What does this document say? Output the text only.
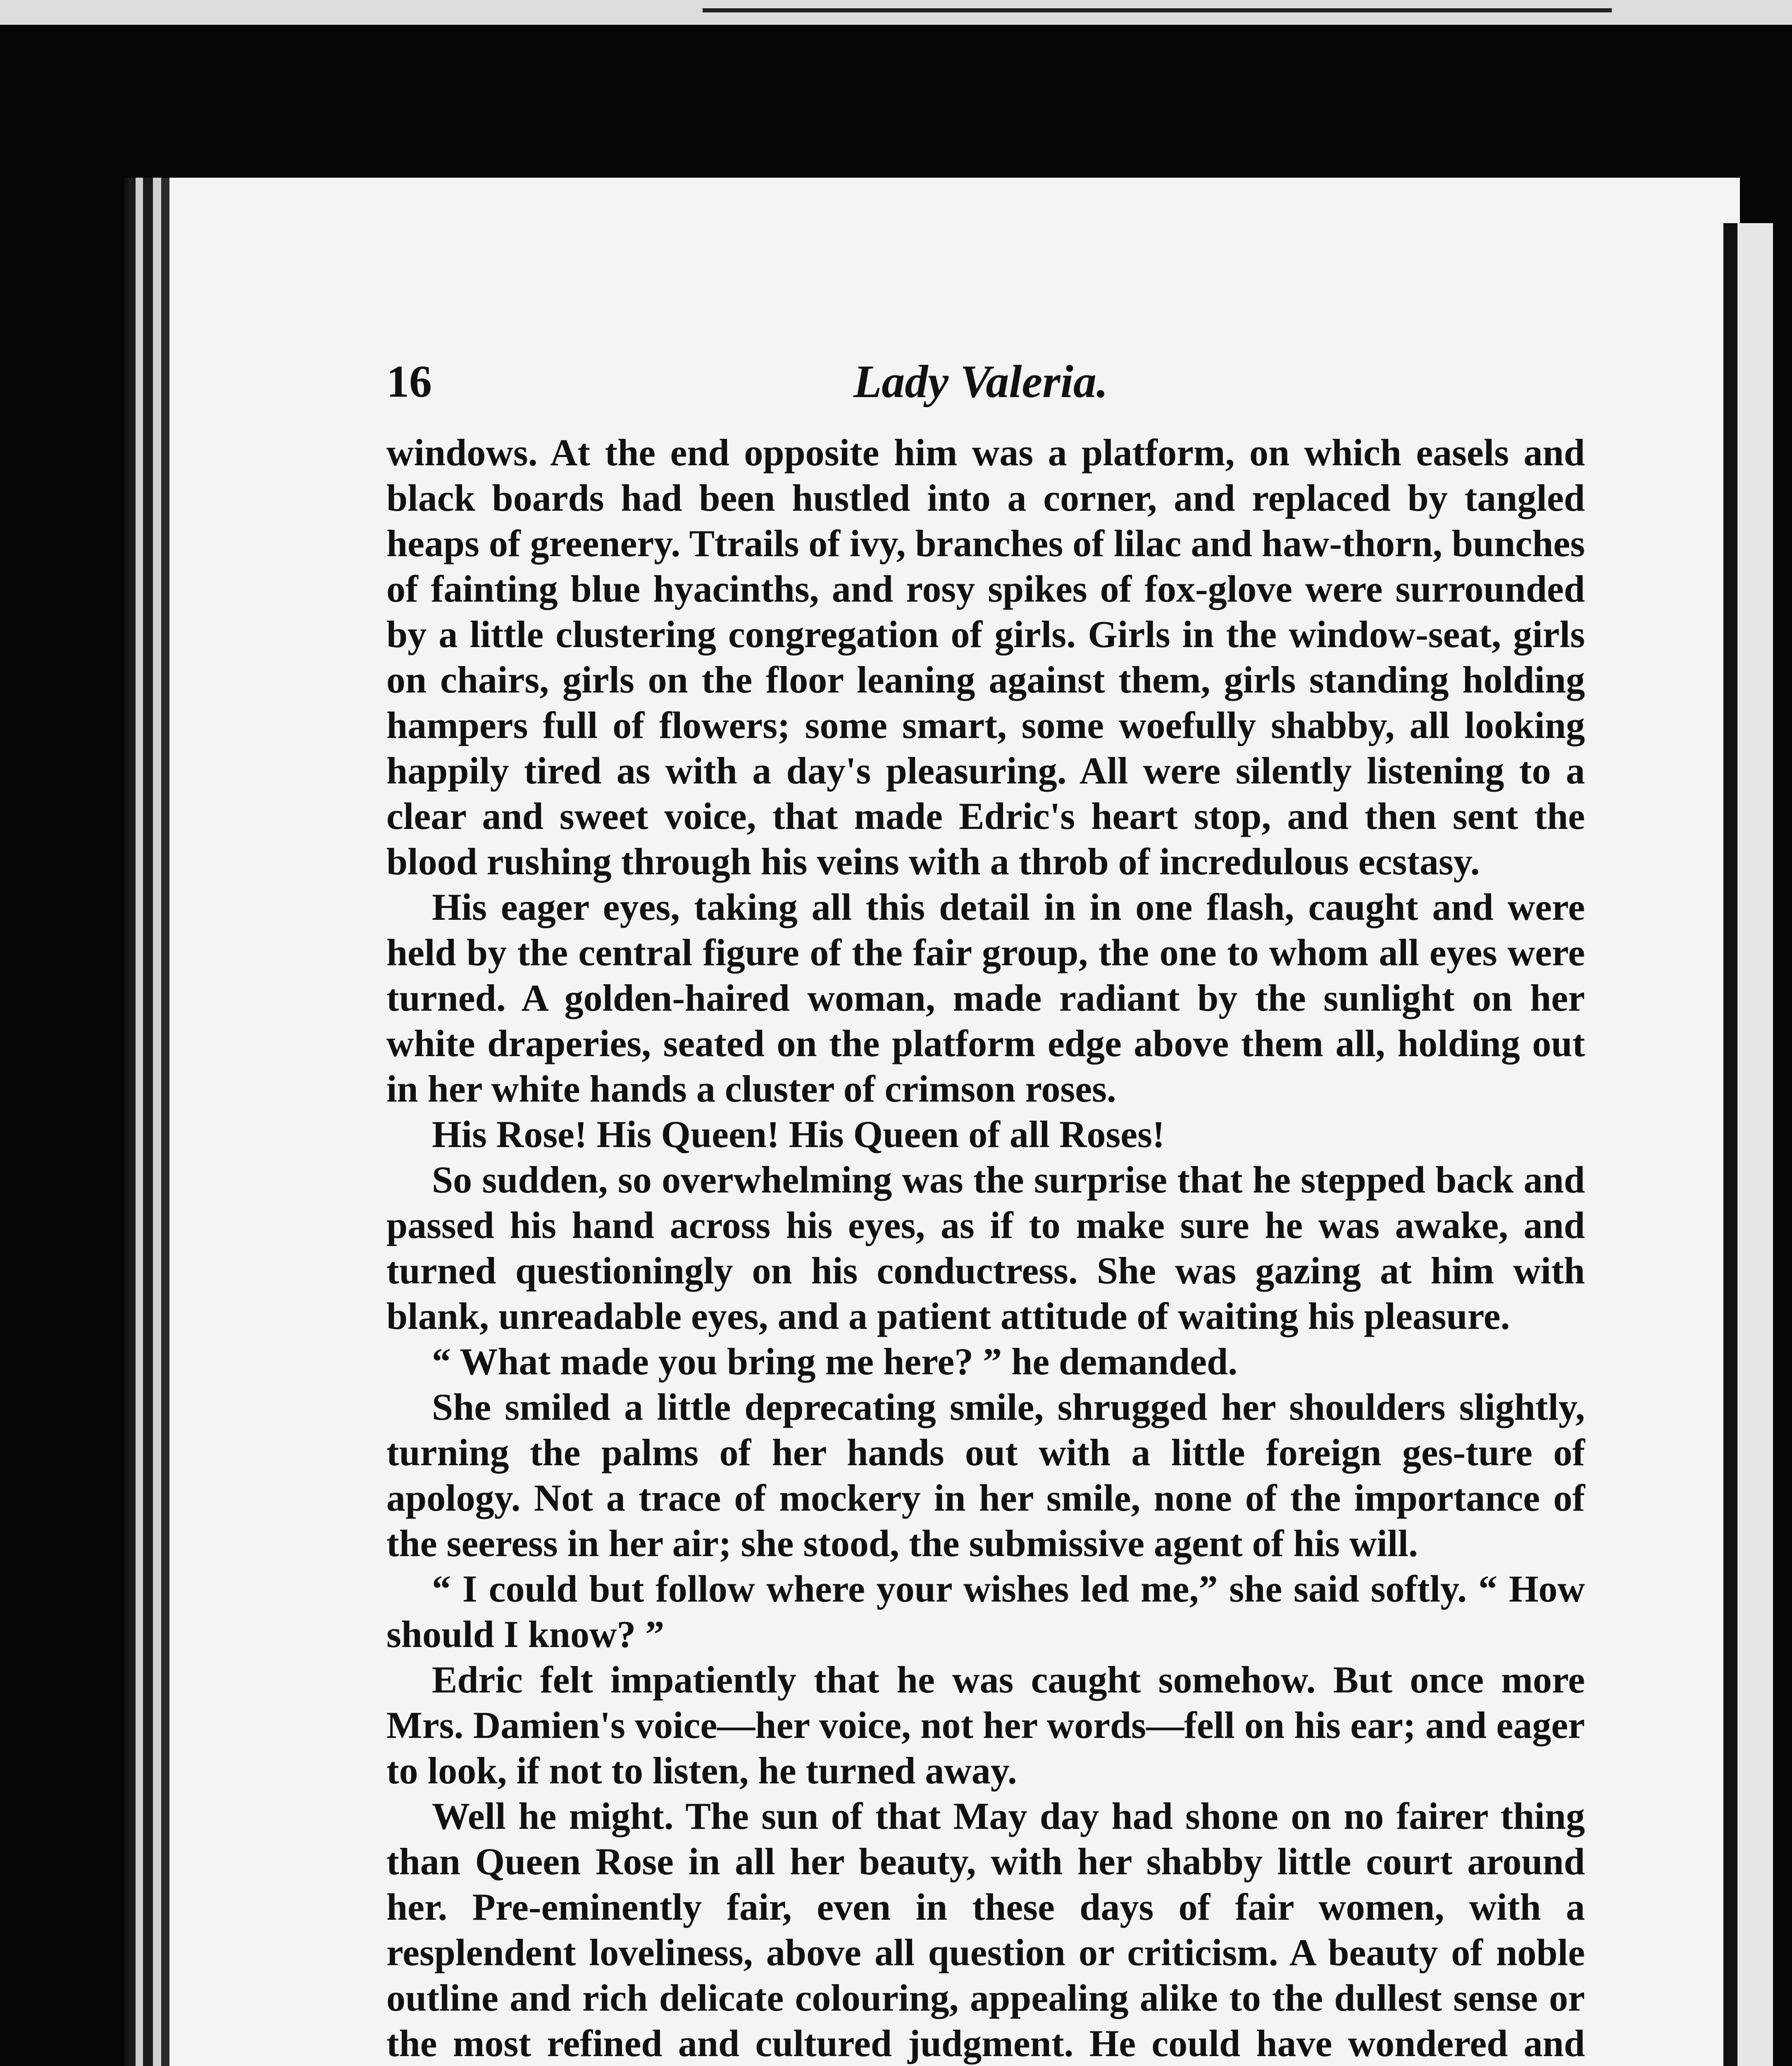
16	Lady Valeria.

windows. At the end opposite him was a platform, on which easels and black boards had been hustled into a corner, and replaced by tangled heaps of greenery. Ttrails of ivy, branches of lilac and haw-thorn, bunches of fainting blue hyacinths, and rosy spikes of fox-glove were surrounded by a little clustering congregation of girls. Girls in the window-seat, girls on chairs, girls on the floor leaning against them, girls standing holding hampers full of flowers; some smart, some woefully shabby, all looking happily tired as with a day's pleasuring. All were silently listening to a clear and sweet voice, that made Edric's heart stop, and then sent the blood rushing through his veins with a throb of incredulous ecstasy.

His eager eyes, taking all this detail in in one flash, caught and were held by the central figure of the fair group, the one to whom all eyes were turned. A golden-haired woman, made radiant by the sunlight on her white draperies, seated on the platform edge above them all, holding out in her white hands a cluster of crimson roses.

His Rose! His Queen! His Queen of all Roses!

So sudden, so overwhelming was the surprise that he stepped back and passed his hand across his eyes, as if to make sure he was awake, and turned questioningly on his conductress. She was gazing at him with blank, unreadable eyes, and a patient attitude of waiting his pleasure.

“ What made you bring me here? ” he demanded.

She smiled a little deprecating smile, shrugged her shoulders slightly, turning the palms of her hands out with a little foreign ges-ture of apology. Not a trace of mockery in her smile, none of the importance of the seeress in her air; she stood, the submissive agent of his will.

“ I could but follow where your wishes led me,” she said softly. “ How should I know? ”

Edric felt impatiently that he was caught somehow. But once more Mrs. Damien's voice—her voice, not her words—fell on his ear; and eager to look, if not to listen, he turned away.

Well he might. The sun of that May day had shone on no fairer thing than Queen Rose in all her beauty, with her shabby little court around her. Pre-eminently fair, even in these days of fair women, with a resplendent loveliness, above all question or criticism. A beauty of noble outline and rich delicate colouring, appealing alike to the dullest sense or the most refined and cultured judgment. He could have wondered and
